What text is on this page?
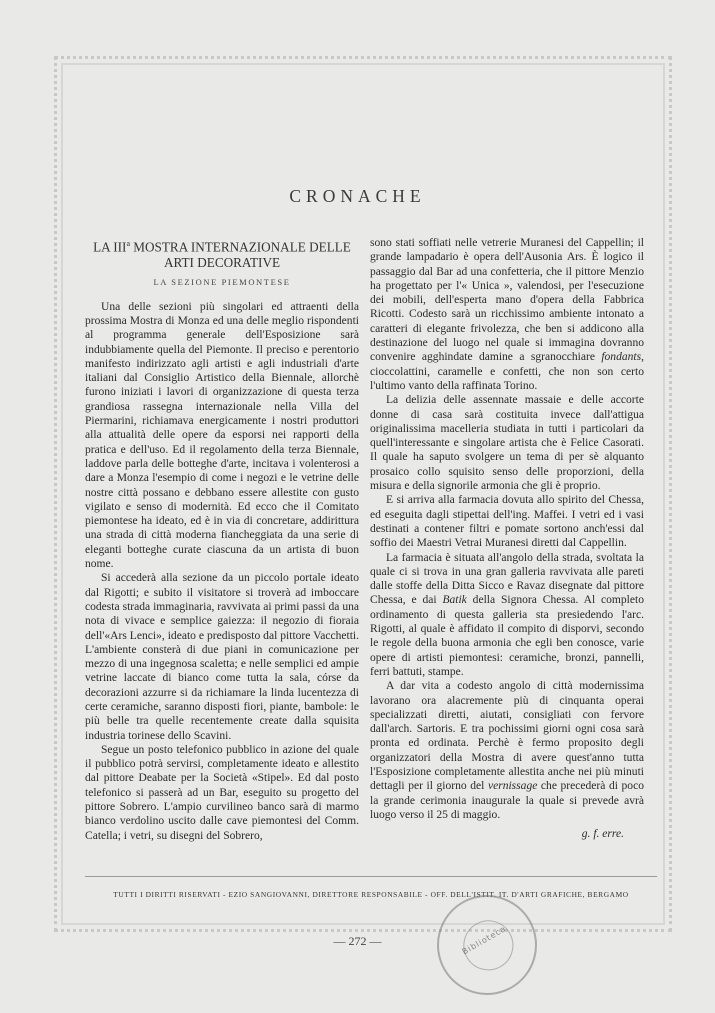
CRONACHE
LA III$^a$ MOSTRA INTERNAZIONALE DELLE
ARTI DECORATIVE
LA SEZIONE PIEMONTESE

Una delle sezioni più singolari ed attraenti della prossima Mostra di Monza ed una delle meglio rispondenti al programma generale dell'Esposizione sarà indubbiamente quella del Piemonte. Il preciso e perentorio manifesto indirizzato agli artisti e agli industriali d'arte italiani dal Consiglio Artistico della Biennale, allorchè furono iniziati i lavori di organizzazione di questa terza grandiosa rassegna internazionale nella Villa del Piermarini, richiamava energicamente i nostri produttori alla attualità delle opere da esporsi nei rapporti della pratica e dell'uso. Ed il regolamento della terza Biennale, laddove parla delle botteghe d'arte, incitava i volenterosi a dare a Monza l'esempio di come i negozi e le vetrine delle nostre città possano e debbano essere allestite con gusto vigilato e senso di modernità. Ed ecco che il Comitato piemontese ha ideato, ed è in via di concretare, addirittura una strada di città moderna fiancheggiata da una serie di eleganti botteghe curate ciascuna da un artista di buon nome.

Si accederà alla sezione da un piccolo portale ideato dal Rigotti; e subito il visitatore si troverà ad imboccare codesta strada immaginaria, ravvivata ai primi passi da una nota di vivace e semplice gaiezza: il negozio di fioraia dell'«Ars Lenci», ideato e predisposto dal pittore Vacchetti. L'ambiente consterà di due piani in comunicazione per mezzo di una ingegnosa scaletta; e nelle semplici ed ampie vetrine laccate di bianco come tutta la sala, córse da decorazioni azzurre si da richiamare la linda lucentezza di certe ceramiche, saranno disposti fiori, piante, bambole: le più belle tra quelle recentemente create dalla squisita industria torinese dello Scavini.

Segue un posto telefonico pubblico in azione del quale il pubblico potrà servirsi, completamente ideato e allestito dal pittore Deabate per la Società «Stipel». Ed dal posto telefonico si passerà ad un Bar, eseguito su progetto del pittore Sobrero. L'ampio curvilineo banco sarà di marmo bianco verdolino uscito dalle cave piemontesi del Comm. Catella; i vetri, su disegni del Sobrero,

sono stati soffiati nelle vetrerie Muranesi del Cappellin; il grande lampadario è opera dell'Ausonia Ars. È logico il passaggio dal Bar ad una confetteria, che il pittore Menzio ha progettato per l'« Unica », valendosi, per l'esecuzione dei mobili, dell'esperta mano d'opera della Fabbrica Ricotti. Codesto sarà un ricchissimo ambiente intonato a caratteri di elegante frivolezza, che ben si addicono alla destinazione del luogo nel quale si immagina dovranno convenire agghindate damine a sgranocchiare fondants, cioccolattini, caramelle e confetti, che non son certo l'ultimo vanto della raffinata Torino.

La delizia delle assennate massaie e delle accorte donne di casa sarà costituita invece dall'attigua originalissima macelleria studiata in tutti i particolari da quell'interessante e singolare artista che è Felice Casorati. Il quale ha saputo svolgere un tema di per sè alquanto prosaico collo squisito senso delle proporzioni, della misura e della signorile armonia che gli è proprio.

E si arriva alla farmacia dovuta allo spirito del Chessa, ed eseguita dagli stipettai dell'ing. Maffei. I vetri ed i vasi destinati a contener filtri e pomate sortono anch'essi dal soffio dei Maestri Vetrai Muranesi diretti dal Cappellin.

La farmacia è situata all'angolo della strada, svoltata la quale ci si trova in una gran galleria ravvivata alle pareti dalle stoffe della Ditta Sicco e Ravaz disegnate dal pittore Chessa, e dai Batik della Signora Chessa. Al completo ordinamento di questa galleria sta presiedendo l'arc. Rigotti, al quale è affidato il compito di disporvi, secondo le regole della buona armonia che egli ben conosce, varie opere di artisti piemontesi: ceramiche, bronzi, pannelli, ferri battuti, stampe.

A dar vita a codesto angolo di città modernissima lavorano ora alacremente più di cinquanta operai specializzati diretti, aiutati, consigliati con fervore dall'arch. Sartoris. E tra pochissimi giorni ogni cosa sarà pronta ed ordinata. Perchè è fermo proposito degli organizzatori della Mostra di avere quest'anno tutta l'Esposizione completamente allestita anche nei più minuti dettagli per il giorno del vernissage che precederà di poco la grande cerimonia inaugurale la quale si prevede avrà luogo verso il 25 di maggio.

g. f. erre.
TUTTI I DIRITTI RISERVATI - EZIO SANGIOVANNI, DIRETTORE RESPONSABILE - OFF. DELL'ISTIT. IT. D'ARTI GRAFICHE, BERGAMO
— 272 —	Biblioteca
